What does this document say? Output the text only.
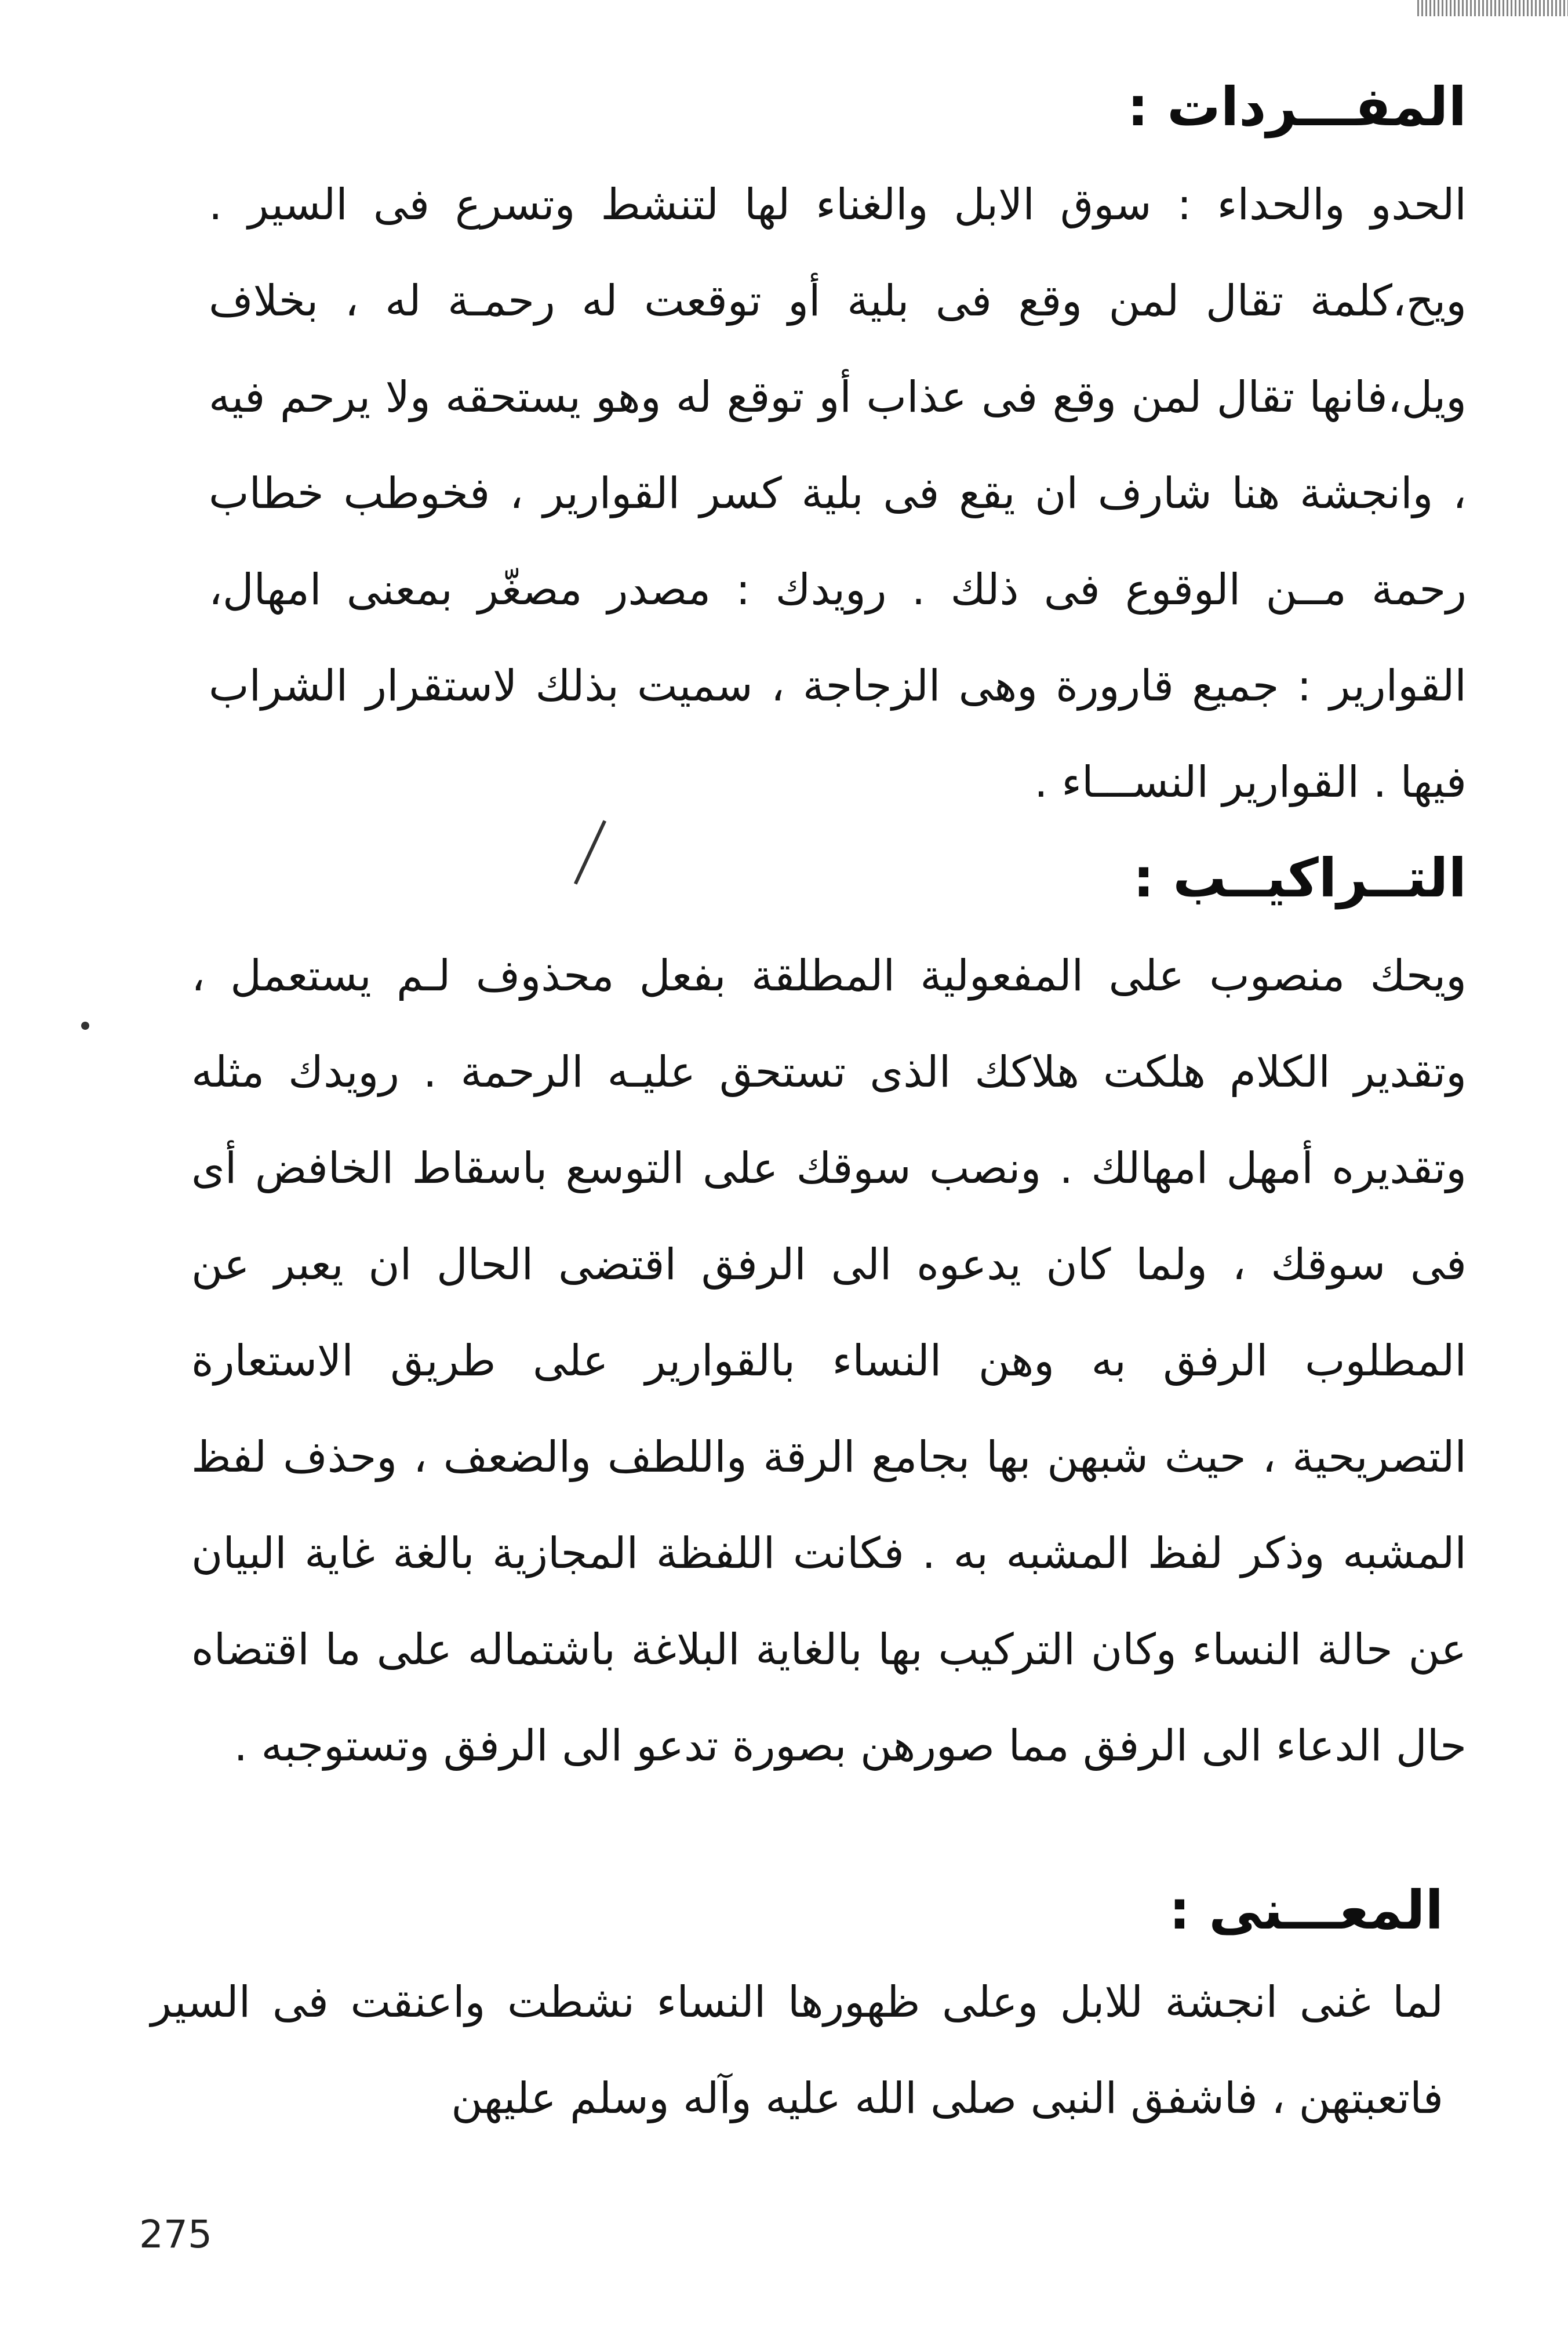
المفـــردات :

الحدو والحداء : سوق الابل والغناء لها لتنشط وتسرع فى السير . ويح،كلمة تقال لمن وقع فى بلية أو توقعت له رحمـة له ، بخلاف ويل،فانها تقال لمن وقع فى عذاب أو توقع له وهو يستحقه ولا يرحم فيه ، وانجشة هنا شارف ان يقع فى بلية كسر القوارير ، فخوطب خطاب رحمة مــن الوقوع فى ذلك . رويدك : مصدر مصغّر بمعنى امهال، القوارير : جميع قارورة وهى الزجاجة ، سميت بذلك لاستقرار الشراب فيها . القوارير النســـاء .

التــراكيــب :

ويحك منصوب على المفعولية المطلقة بفعل محذوف لـم يستعمل ، وتقدير الكلام هلكت هلاكك الذى تستحق عليـه الرحمة . رويدك مثله وتقديره أمهل امهالك . ونصب سوقك على التوسع باسقاط الخافض أى فى سوقك ، ولما كان يدعوه الى الرفق اقتضى الحال ان يعبر عن المطلوب الرفق به وهن النساء بالقوارير على طريق الاستعارة التصريحية ، حيث شبهن بها بجامع الرقة واللطف والضعف ، وحذف لفظ المشبه وذكر لفظ المشبه به . فكانت اللفظة المجازية بالغة غاية البيان عن حالة النساء وكان التركيب بها بالغاية البلاغة باشتماله على ما اقتضاه حال الدعاء الى الرفق مما صورهن بصورة تدعو الى الرفق وتستوجبه .

المعـــنى :

لما غنى انجشة للابل وعلى ظهورها النساء نشطت واعنقت فى السير فاتعبتهن ، فاشفق النبى صلى الله عليه وآله وسلم عليهن

275
